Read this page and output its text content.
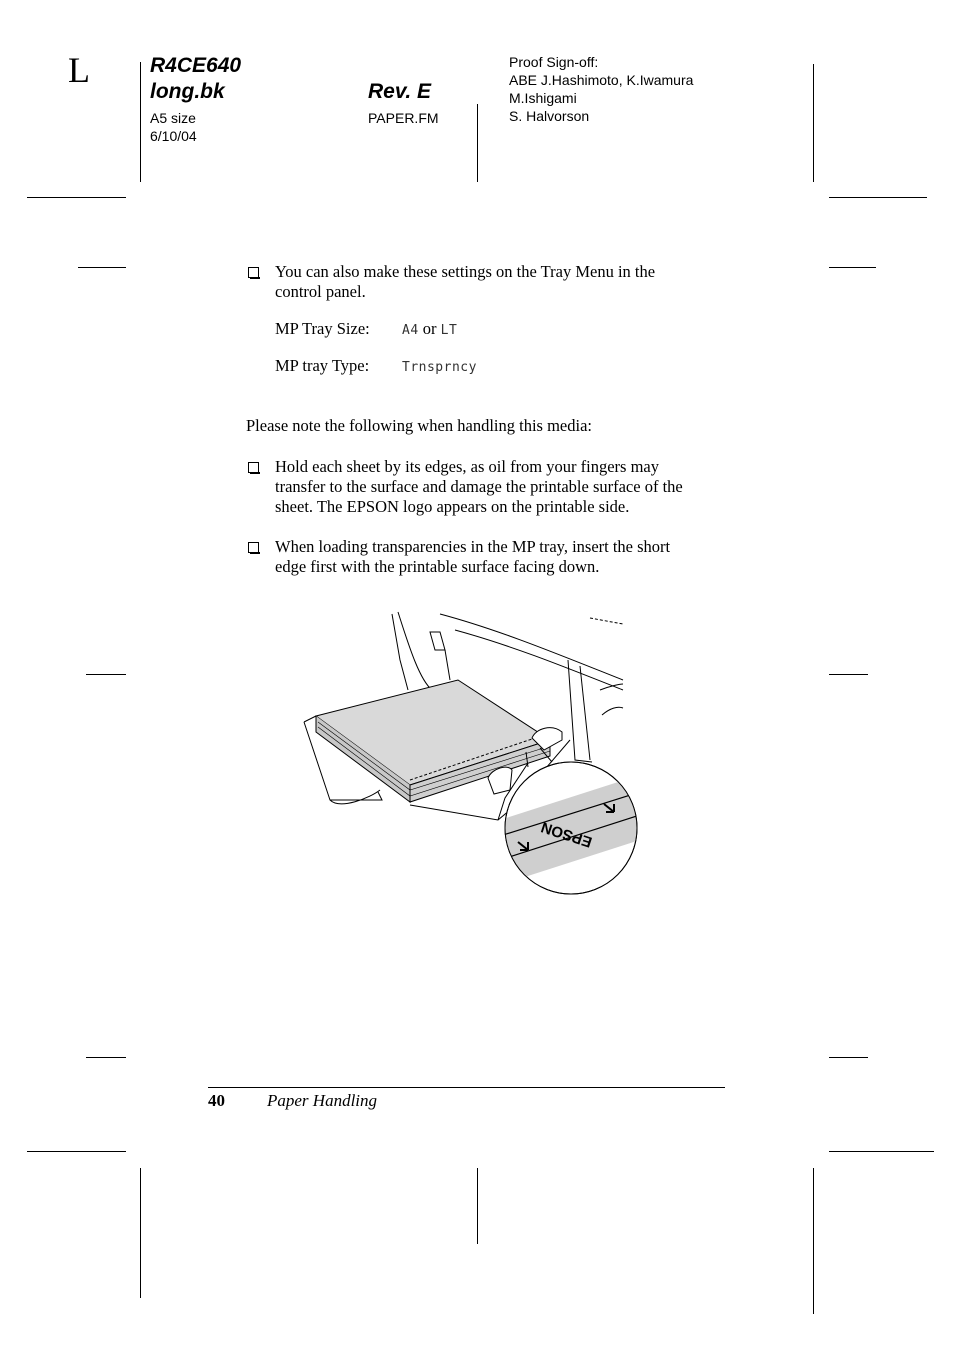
L	R4CE640
long.bk
A5 size
6/10/04
Rev. E
PAPER.FM
Proof Sign-off:
ABE J.Hashimoto, K.Iwamura
M.Ishigami
S. Halvorson
You can also make these settings on the Tray Menu in the
control panel.
MP Tray Size: A4 or LT
MP tray Type:	Trnsprncy
Please note the following when handling this media:
Hold each sheet by its edges, as oil from your fingers may
transfer to the surface and damage the printable surface of the
sheet. The EPSON logo appears on the printable side.
When loading transparencies in the MP tray, insert the short
edge first with the printable surface facing down.
EPSON
40 Paper Handling
